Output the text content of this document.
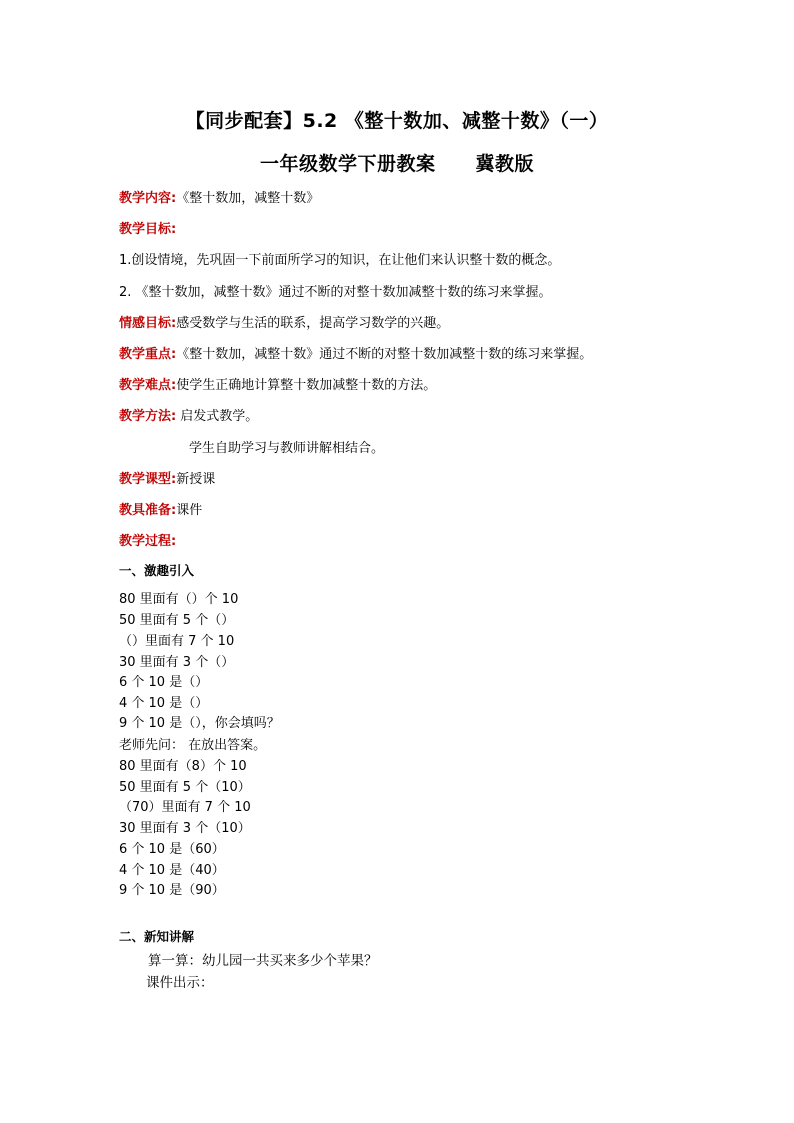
【同步配套】5.2 《整十数加、减整十数》（一）
一年级数学下册教案 冀教版
教学内容:《整十数加，减整十数》
教学目标:
1.创设情境，先巩固一下前面所学习的知识，在让他们来认识整十数的概念。
2. 《整十数加，减整十数》通过不断的对整十数加减整十数的练习来掌握。
情感目标:感受数学与生活的联系，提高学习数学的兴趣。
教学重点:《整十数加，减整十数》通过不断的对整十数加减整十数的练习来掌握。
教学难点:使学生正确地计算整十数加减整十数的方法。
教学方法: 启发式教学。
学生自助学习与教师讲解相结合。
教学课型:新授课
教具准备:课件
教学过程:
一、激趣引入
80 里面有（）个 10
50 里面有 5 个（）
（）里面有 7 个 10
30 里面有 3 个（）
6 个 10 是（）
4 个 10 是（）
9 个 10 是（），你会填吗？
老师先问： 在放出答案。
80 里面有（8）个 10
50 里面有 5 个（10）
（70）里面有 7 个 10
30 里面有 3 个（10）
6 个 10 是（60）
4 个 10 是（40）
9 个 10 是（90）
二、新知讲解
算一算：幼儿园一共买来多少个苹果？
课件出示：
